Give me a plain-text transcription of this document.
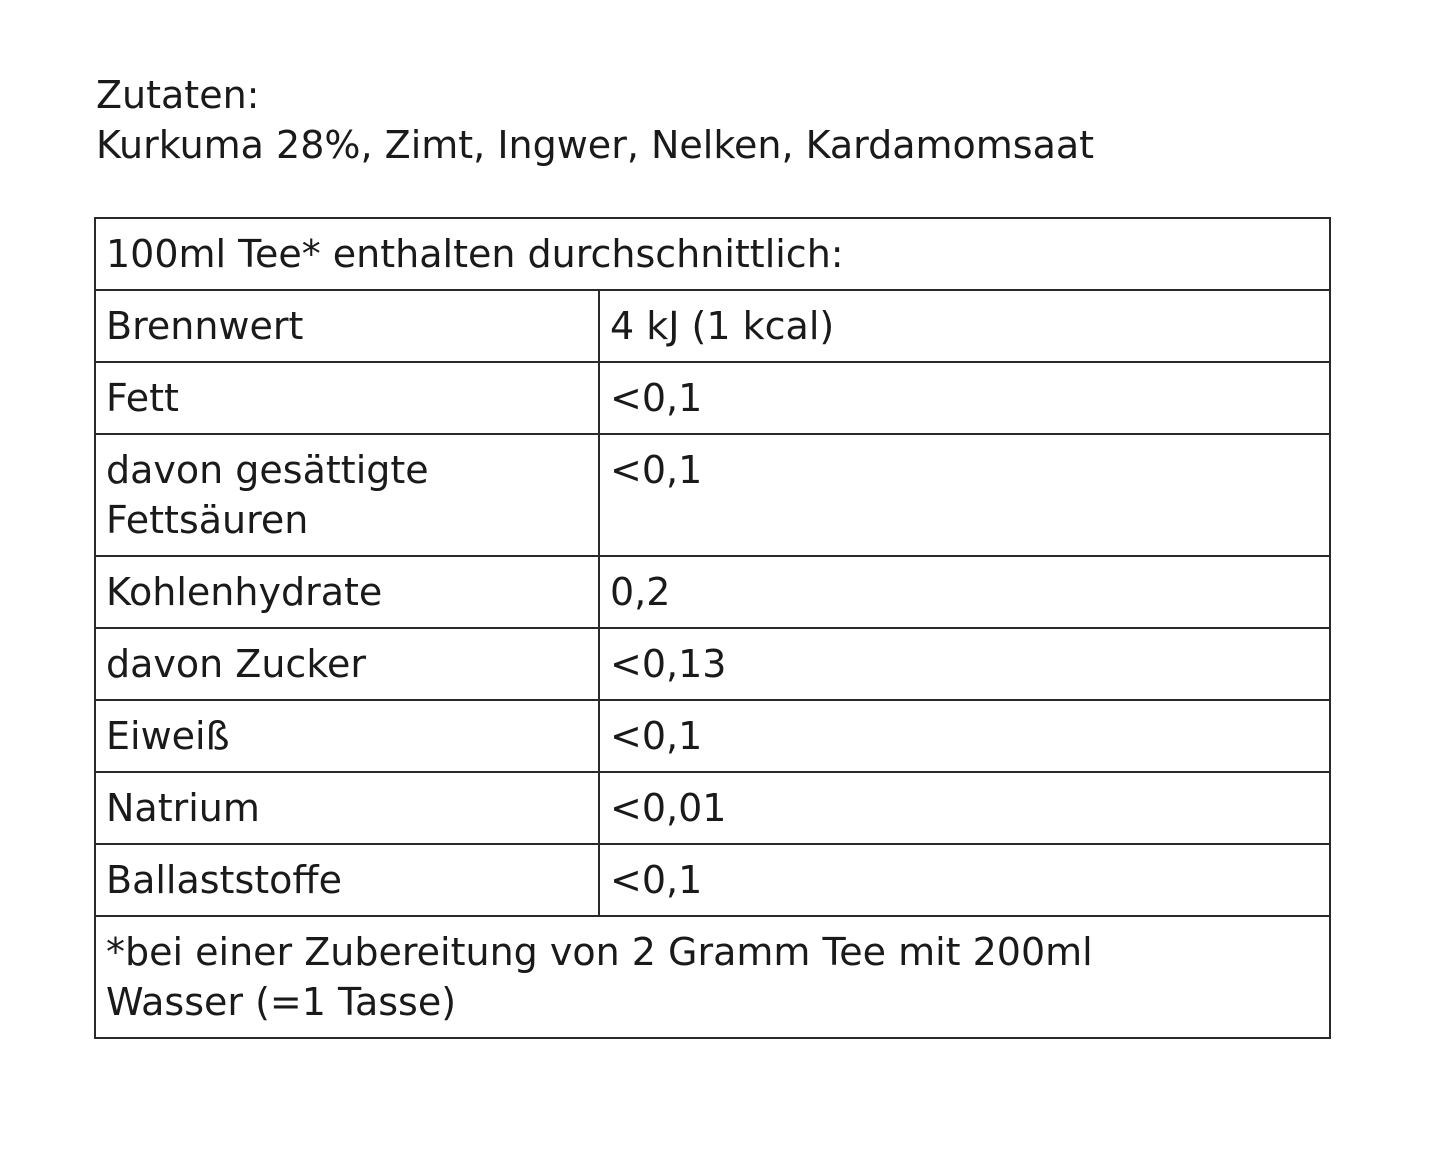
Zutaten:
Kurkuma 28%, Zimt, Ingwer, Nelken, Kardamomsaat
100ml Tee* enthalten durchschnittlich:	
Brennwert	4 kJ (1 kcal)
Fett	<0,1

davon gesättigte
Fettsäuren	<0,1
Kohlenhydrate	0,2
davon Zucker	<0,13
Eiweiß	<0,1
Natrium	<0,01
Ballaststoffe	<0,1

*bei einer Zubereitung von 2 Gramm Tee mit 200ml
Wasser (=1 Tasse)	
